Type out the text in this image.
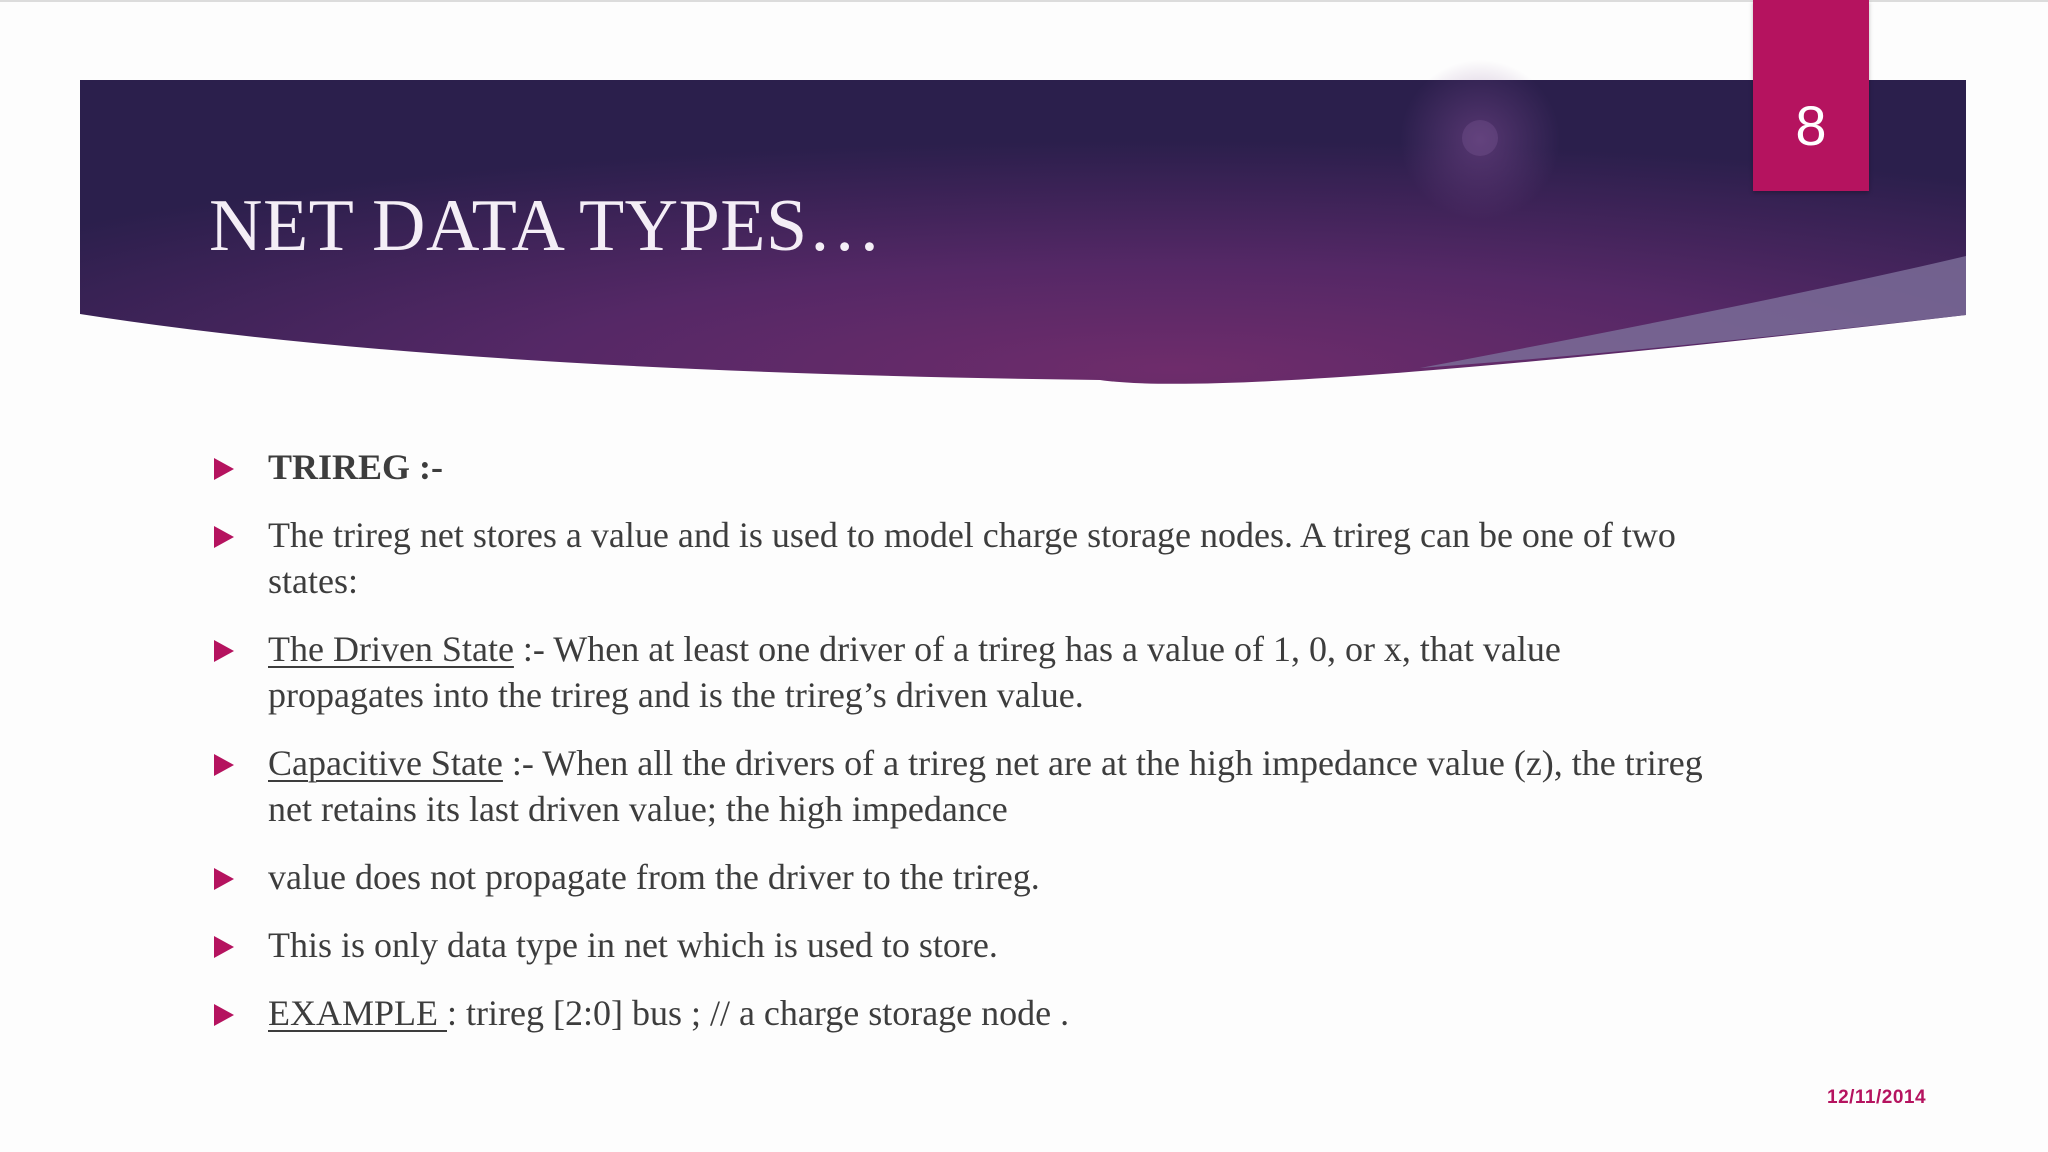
NET DATA TYPES…
8
TRIREG :-
The trireg net stores a value and is used to model charge storage nodes. A trireg can be one of two states:
The Driven State :- When at least one driver of a trireg has a value of 1, 0, or x, that value propagates into the trireg and is the trireg’s driven value.
Capacitive State :- When all the drivers of a trireg net are at the high impedance value (z), the trireg net retains its last driven value; the high impedance
value does not propagate from the driver to the trireg.
This is only data type in net which is used to store.
EXAMPLE : trireg [2:0] bus ; // a charge storage node .
12/11/2014
